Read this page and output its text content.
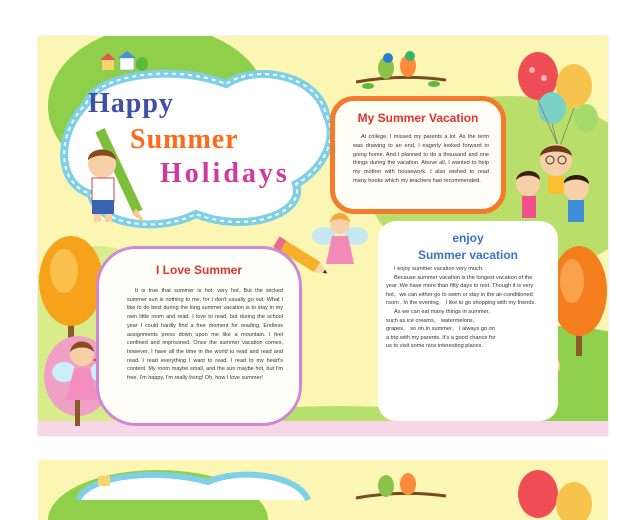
Happy
Summer
Holidays
My Summer Vacation
At college, I missed my parents a lot. As the term was drawing to an end, I eagerly looked forward to going home. And I planned to do a thousand and one things during the vacation. Above all, I wanted to help my mother with housework. I also wished to read many hooks which my teachers had recommended.
I Love Summer
It is true that summer is hot, very hot. But the wicked summer sun is nothing to me, for I don't usually go out. What I like to do best during the long summer vacation is to stay in my own little room and read. I love to read, but during the school year I could hardly find a free moment for reading. Endless assignments press down upon me like a mountain. I feel confined and imprisoned. Once the summer vacation comes, however, I have all the time in the world to read and read and read. I read everything I want to read. I read to my heart's content. My room maybe small, and the sun maybe hot, but I'm free, I'm happy, I'm really living! Oh, how I love summer!
enjoy
Summer vacation
I enjoy summer vacation very much.
Because summer vacation is the longest vacation of the year. We have more than fifty days to rest. Though it is very hot。we can either go to swim or stay in the air-conditioned room . In the evening。 I like to go shopping with my friends.
As we can eat many things in summer。 such as ice creams。 watermelons。 grapes。 so on.In summer。 I always go on a trip with my parents. It's a good chance for us to visit some nice interesting places.
